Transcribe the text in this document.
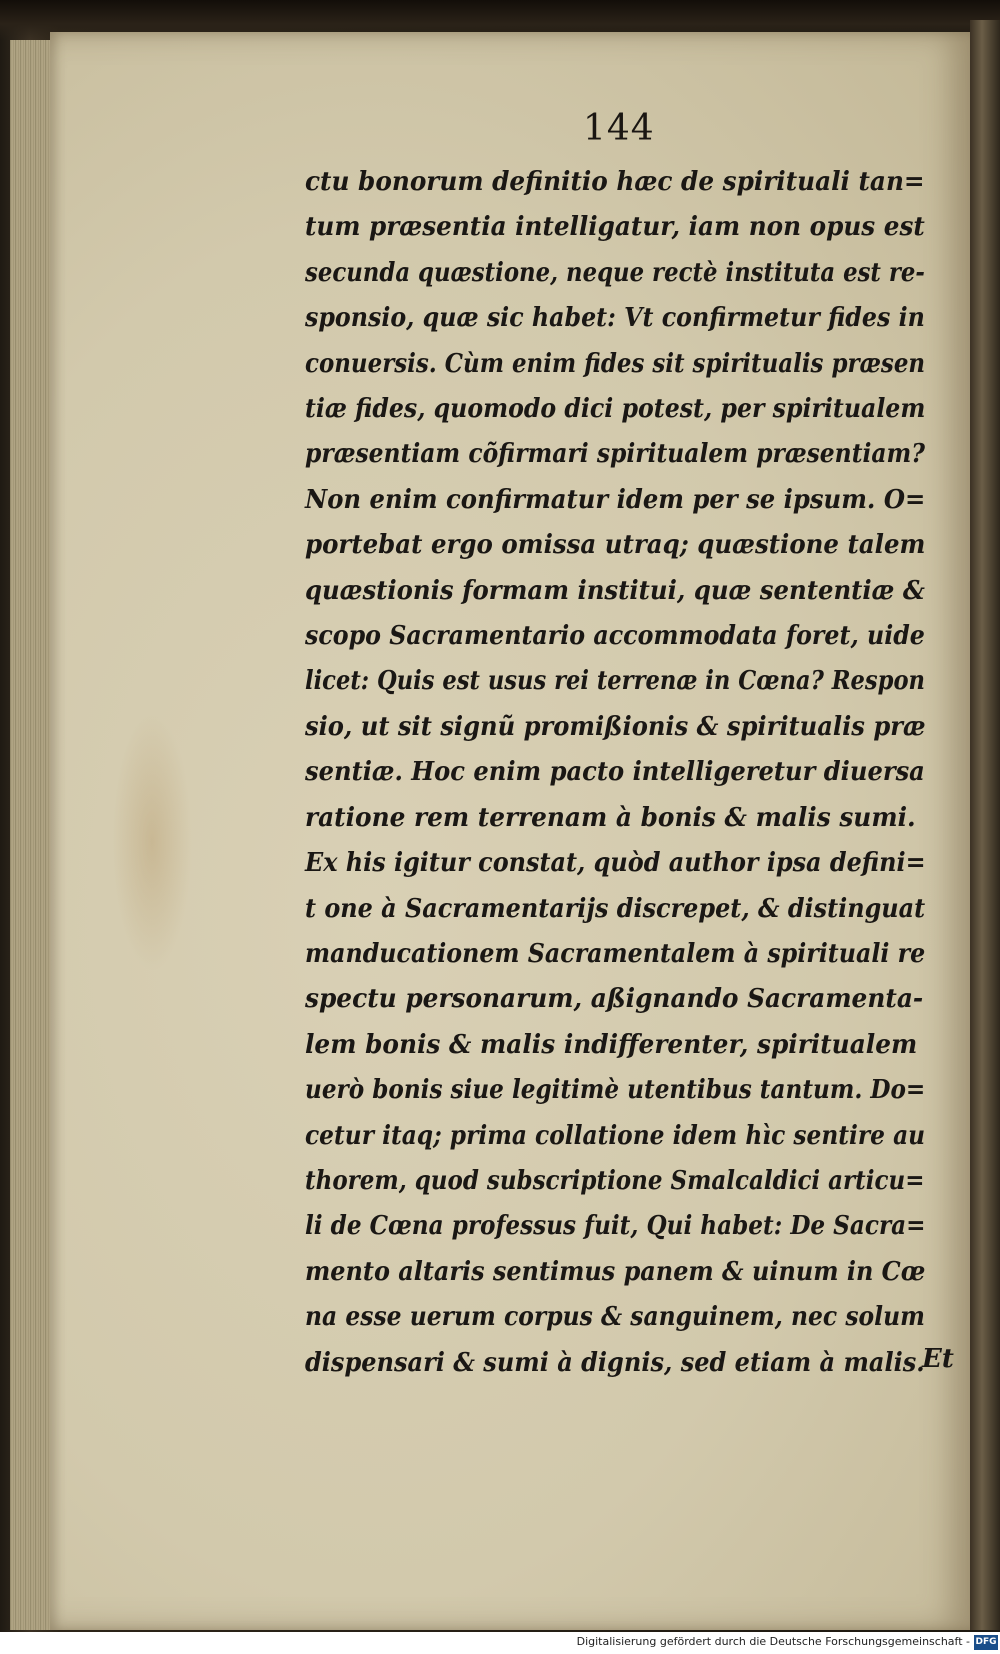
144
ctu bonorum definitio hæc de spirituali tan=
tum præsentia intelligatur, iam non opus est
secunda quæstione, neque rectè instituta est re-
sponsio, quæ sic habet: Vt confirmetur fides in
conuersis. Cùm enim fides sit spiritualis præsen
tiæ fides, quomodo dici potest, per spiritualem
præsentiam cõfirmari spiritualem præsentiam?
Non enim confirmatur idem per se ipsum. O=
portebat ergo omissa utraq; quæstione talem
quæstionis formam institui, quæ sententiæ &
scopo Sacramentario accommodata foret, uide
licet: Quis est usus rei terrenæ in Cœna? Respon
sio, ut sit signũ promißionis & spiritualis præ
sentiæ. Hoc enim pacto intelligeretur diuersa
ratione rem terrenam à bonis & malis sumi.
Ex his igitur constat, quòd author ipsa defini=
t one à Sacramentarijs discrepet, & distinguat
manducationem Sacramentalem à spirituali re
spectu personarum, aßignando Sacramenta-
lem bonis & malis indifferenter, spiritualem
uerò bonis siue legitimè utentibus tantum. Do=
cetur itaq; prima collatione idem hìc sentire au
thorem, quod subscriptione Smalcaldici articu=
li de Cœna professus fuit, Qui habet: De Sacra=
mento altaris sentimus panem & uinum in Cœ
na esse uerum corpus & sanguinem, nec solum
dispensari & sumi à dignis, sed etiam à malis.
Et
Digitalisierung gefördert durch die Deutsche Forschungsgemeinschaft - DFG
